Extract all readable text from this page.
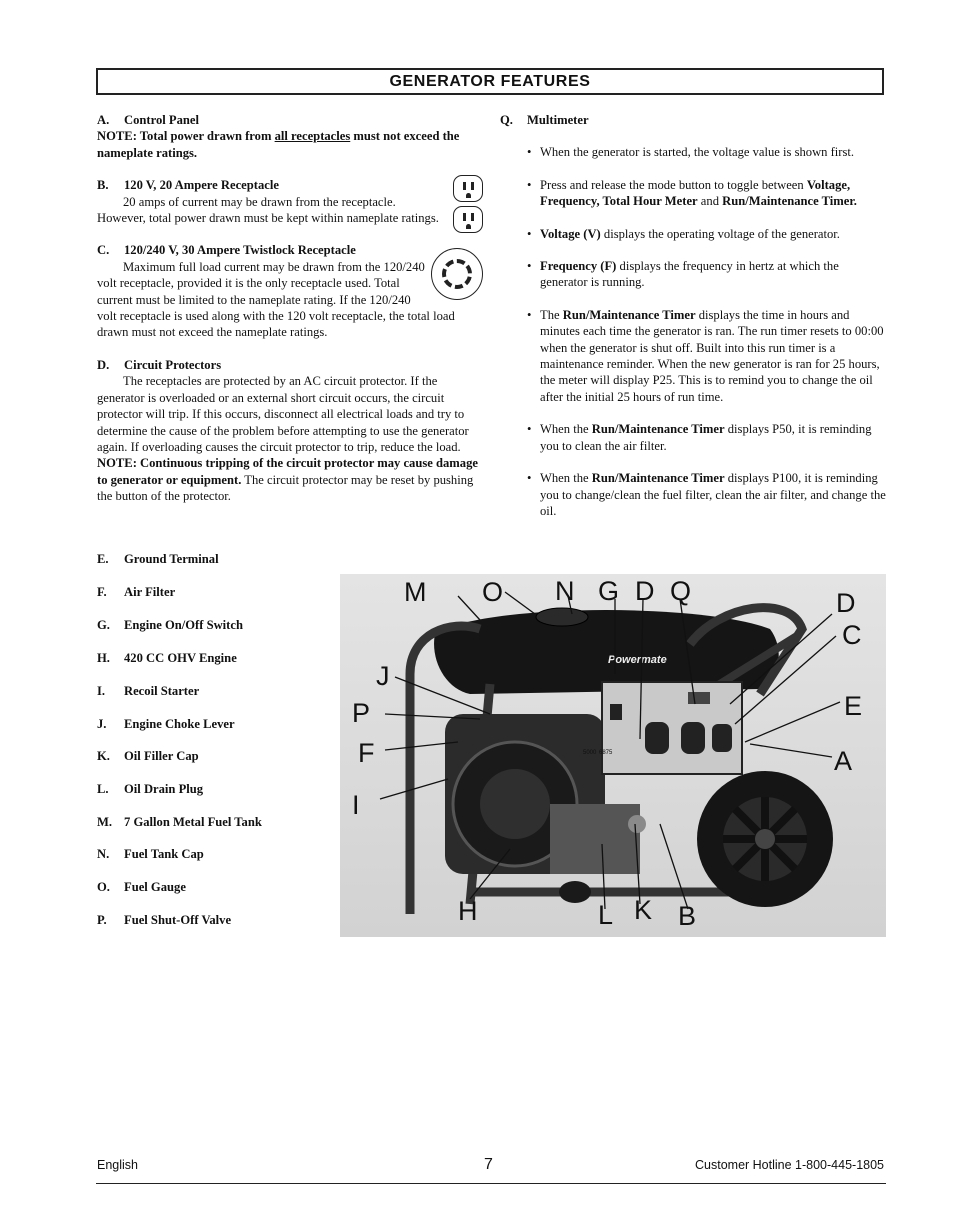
GENERATOR FEATURES
A. Control Panel
NOTE: Total power drawn from all receptacles must not exceed the nameplate ratings.
B. 120 V, 20 Ampere Receptacle
20 amps of current may be drawn from the receptacle. However, total power drawn must be kept within nameplate ratings.
C. 120/240 V, 30 Ampere Twistlock Receptacle
Maximum full load current may be drawn from the 120/240 volt receptacle, provided it is the only receptacle used. Total current must be limited to the nameplate rating. If the 120/240 volt receptacle is used along with the 120 volt receptacle, the total load drawn must not exceed the nameplate ratings.
D. Circuit Protectors
The receptacles are protected by an AC circuit protector. If the generator is overloaded or an external short circuit occurs, the circuit protector will trip. If this occurs, disconnect all electrical loads and try to determine the cause of the problem before attempting to use the generator again. If overloading causes the circuit protector to trip, reduce the load. NOTE: Continuous tripping of the circuit protector may cause damage to generator or equipment. The circuit protector may be reset by pushing the button of the protector.
Q. Multimeter
• When the generator is started, the voltage value is shown first.
• Press and release the mode button to toggle between Voltage, Frequency, Total Hour Meter and Run/Maintenance Timer.
• Voltage (V) displays the operating voltage of the generator.
• Frequency (F) displays the frequency in hertz at which the generator is running.
• The Run/Maintenance Timer displays the time in hours and minutes each time the generator is ran. The run timer resets to 00:00 when the generator is shut off. Built into this run timer is a maintenance reminder. When the new generator is ran for 25 hours, the meter will display P25. This is to remind you to change the oil after the initial 25 hours of run time.
• When the Run/Maintenance Timer displays P50, it is reminding you to clean the air filter.
• When the Run/Maintenance Timer displays P100, it is reminding you to change/clean the fuel filter, clean the air filter, and change the oil.
E. Ground Terminal
F. Air Filter
G. Engine On/Off Switch
H. 420 CC OHV Engine
I. Recoil Starter
J. Engine Choke Lever
K. Oil Filler Cap
L. Oil Drain Plug
M. 7 Gallon Metal Fuel Tank
N. Fuel Tank Cap
O. Fuel Gauge
P. Fuel Shut-Off Valve
Powermate
5000 6875
M O N G D Q	D
C
J
P
F
I
E
A
H	L K B
English	7	Customer Hotline 1-800-445-1805
